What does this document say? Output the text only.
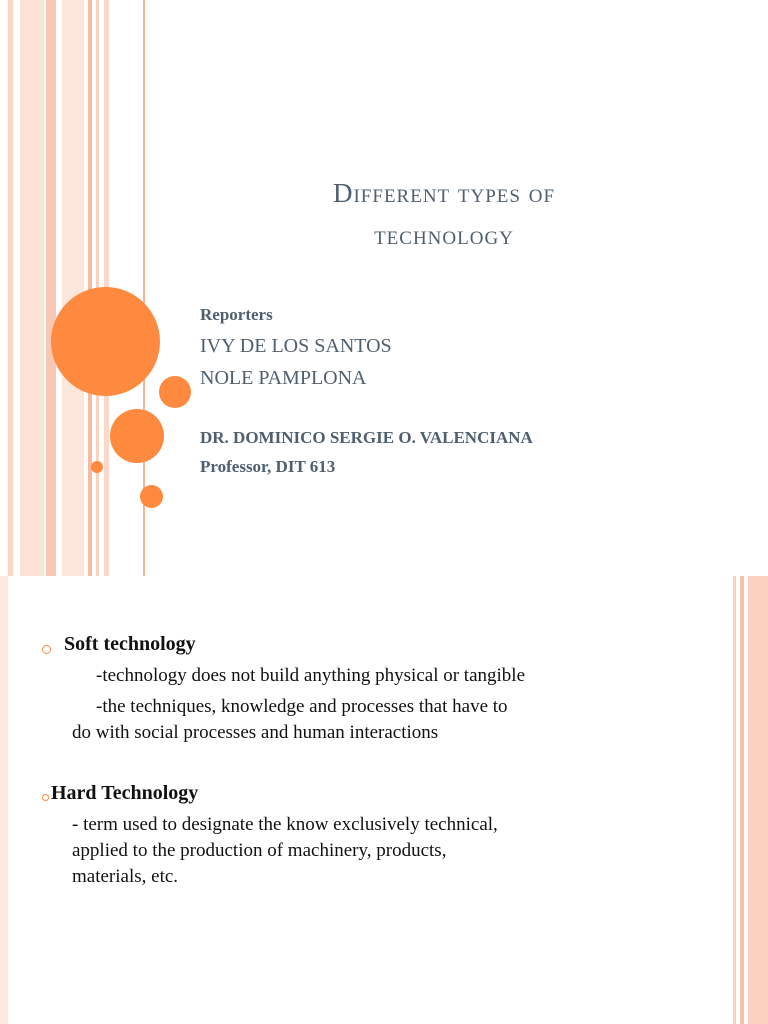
Different types of
technology
Reporters
IVY DE LOS SANTOS
NOLE PAMPLONA
DR. DOMINICO SERGIE O. VALENCIANA
Professor, DIT 613
Soft technology
-technology does not build anything physical or tangible
-the techniques, knowledge and processes that have to
do with social processes and human interactions
Hard Technology
- term used to designate the know exclusively technical,
applied to the production of machinery, products,
materials, etc.
